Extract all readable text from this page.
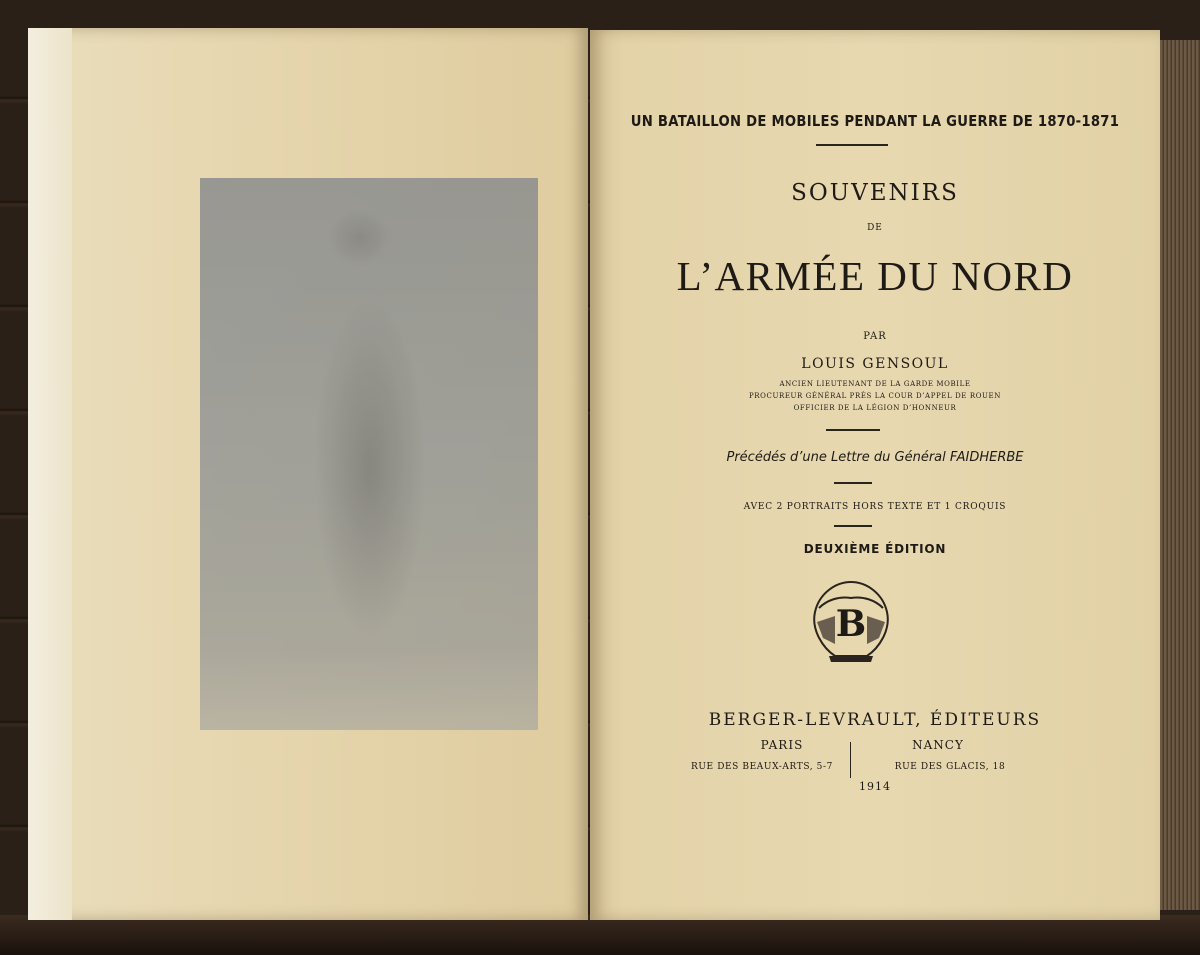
UN BATAILLON DE MOBILES PENDANT LA GUERRE DE 1870-1871
SOUVENIRS
DE
L’ARMÉE DU NORD
PAR
LOUIS GENSOUL
ANCIEN LIEUTENANT DE LA GARDE MOBILE
PROCUREUR GÉNÉRAL PRÈS LA COUR D’APPEL DE ROUEN
OFFICIER DE LA LÉGION D’HONNEUR
Précédés d’une Lettre du Général FAIDHERBE
AVEC 2 PORTRAITS HORS TEXTE ET 1 CROQUIS
DEUXIÈME ÉDITION
B
BERGER-LEVRAULT, ÉDITEURS
PARIS	NANCY
RUE DES BEAUX-ARTS, 5-7	RUE DES GLACIS, 18
1914
